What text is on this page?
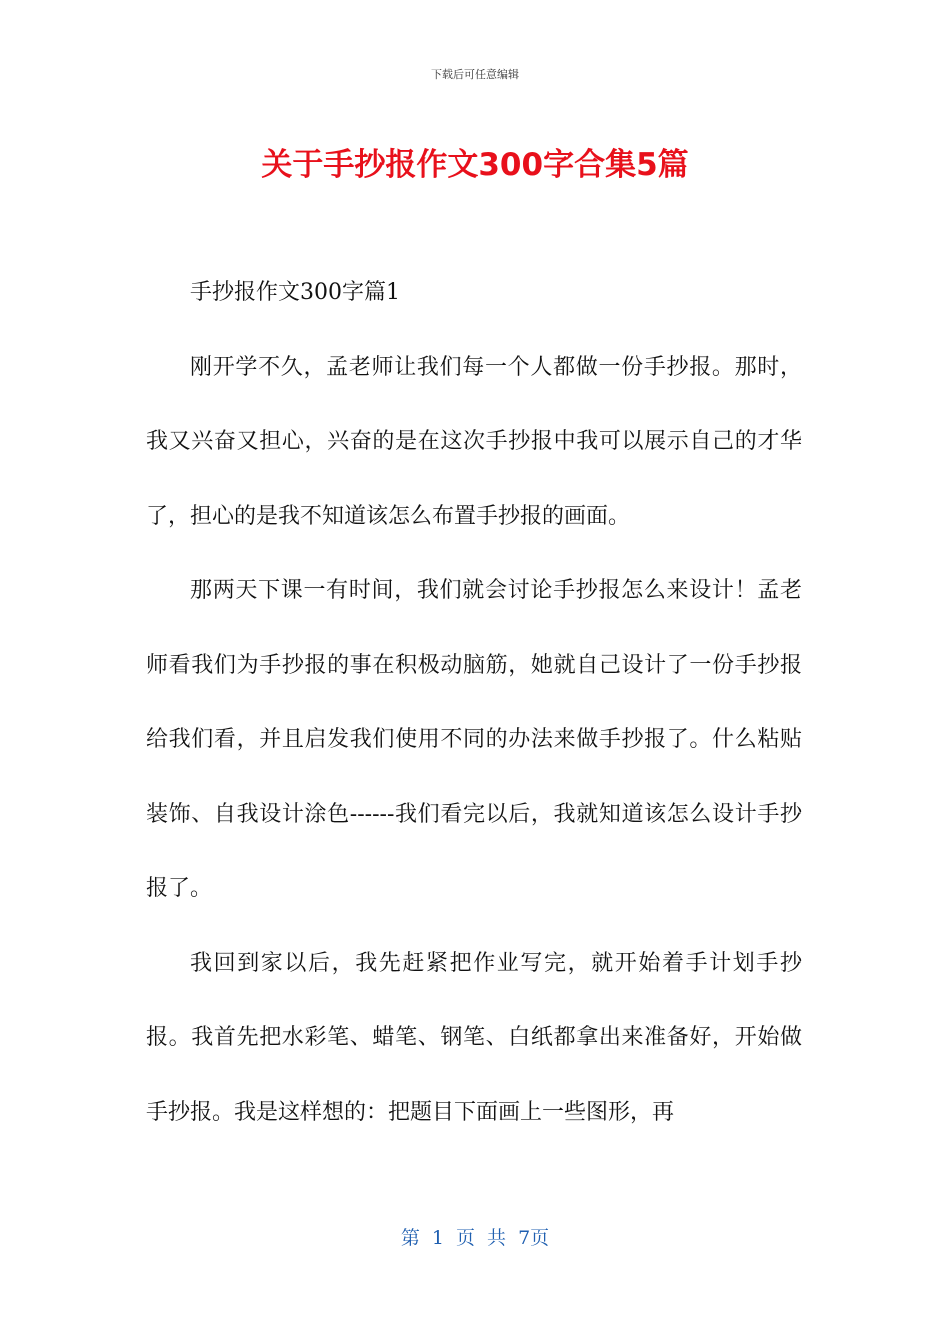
下载后可任意编辑
关于手抄报作文300字合集5篇

手抄报作文300字篇1

刚开学不久，孟老师让我们每一个人都做一份手抄报。那时，我又兴奋又担心，兴奋的是在这次手抄报中我可以展示自己的才华了，担心的是我不知道该怎么布置手抄报的画面。

那两天下课一有时间，我们就会讨论手抄报怎么来设计！孟老师看我们为手抄报的事在积极动脑筋，她就自己设计了一份手抄报给我们看，并且启发我们使用不同的办法来做手抄报了。什么粘贴装饰、自我设计涂色------我们看完以后，我就知道该怎么设计手抄报了。

我回到家以后，我先赶紧把作业写完，就开始着手计划手抄报。我首先把水彩笔、蜡笔、钢笔、白纸都拿出来准备好，开始做手抄报。我是这样想的：把题目下面画上一些图形，再

第 1 页 共 7页
